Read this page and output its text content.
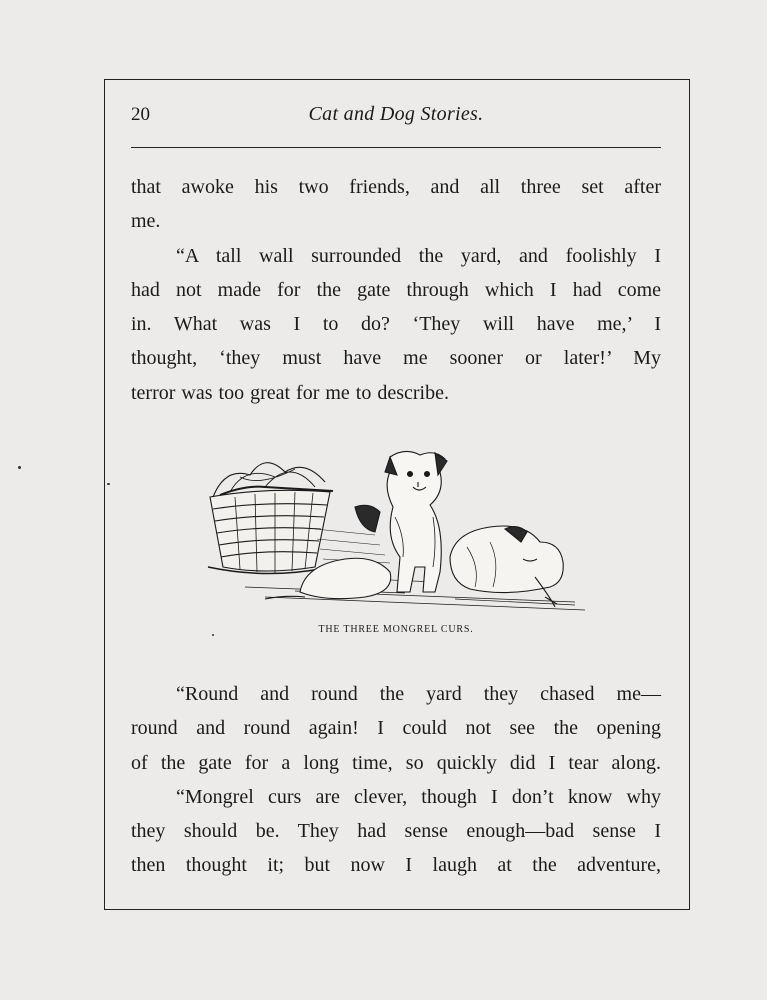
20	Cat and Dog Stories.
that awoke his two friends, and all three set after
me.
“A tall wall surrounded the yard, and foolishly I
had not made for the gate through which I had come
in. What was I to do? ‘They will have me,’ I
thought, ‘they must have me sooner or later!’ My
terror was too great for me to describe.
THE THREE MONGREL CURS.
“Round and round the yard they chased me—
round and round again! I could not see the opening
of the gate for a long time, so quickly did I tear along.
“Mongrel curs are clever, though I don’t know why
they should be. They had sense enough—bad sense I
then thought it; but now I laugh at the adventure,
